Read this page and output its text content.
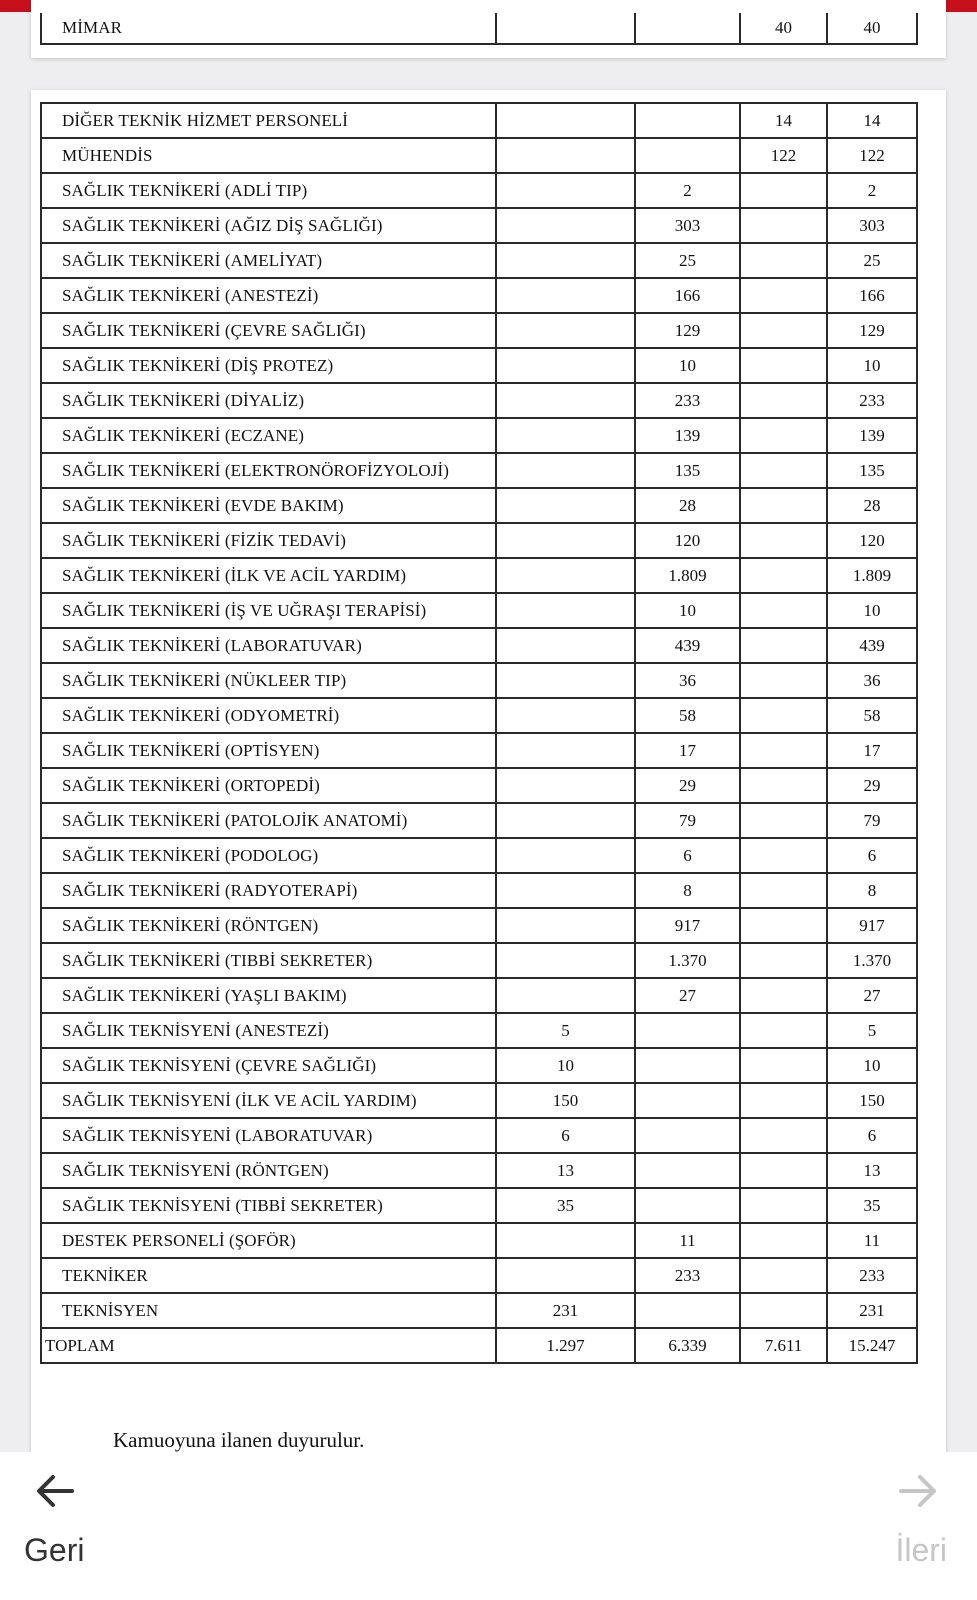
MİMAR			40	40
DİĞER TEKNİK HİZMET PERSONELİ			14	14
MÜHENDİS			122	122
SAĞLIK TEKNİKERİ (ADLİ TIP)		2		2
SAĞLIK TEKNİKERİ (AĞIZ DİŞ SAĞLIĞI)		303		303
SAĞLIK TEKNİKERİ (AMELİYAT)		25		25
SAĞLIK TEKNİKERİ (ANESTEZİ)		166		166
SAĞLIK TEKNİKERİ (ÇEVRE SAĞLIĞI)		129		129
SAĞLIK TEKNİKERİ (DİŞ PROTEZ)		10		10
SAĞLIK TEKNİKERİ (DİYALİZ)		233		233
SAĞLIK TEKNİKERİ (ECZANE)		139		139
SAĞLIK TEKNİKERİ (ELEKTRONÖROFİZYOLOJİ)		135		135
SAĞLIK TEKNİKERİ (EVDE BAKIM)		28		28
SAĞLIK TEKNİKERİ (FİZİK TEDAVİ)		120		120
SAĞLIK TEKNİKERİ (İLK VE ACİL YARDIM)		1.809		1.809
SAĞLIK TEKNİKERİ (İŞ VE UĞRAŞI TERAPİSİ)		10		10
SAĞLIK TEKNİKERİ (LABORATUVAR)		439		439
SAĞLIK TEKNİKERİ (NÜKLEER TIP)		36		36
SAĞLIK TEKNİKERİ (ODYOMETRİ)		58		58
SAĞLIK TEKNİKERİ (OPTİSYEN)		17		17
SAĞLIK TEKNİKERİ (ORTOPEDİ)		29		29
SAĞLIK TEKNİKERİ (PATOLOJİK ANATOMİ)		79		79
SAĞLIK TEKNİKERİ (PODOLOG)		6		6
SAĞLIK TEKNİKERİ (RADYOTERAPİ)		8		8
SAĞLIK TEKNİKERİ (RÖNTGEN)		917		917
SAĞLIK TEKNİKERİ (TIBBİ SEKRETER)		1.370		1.370
SAĞLIK TEKNİKERİ (YAŞLI BAKIM)		27		27
SAĞLIK TEKNİSYENİ (ANESTEZİ)	5			5
SAĞLIK TEKNİSYENİ (ÇEVRE SAĞLIĞI)	10			10
SAĞLIK TEKNİSYENİ (İLK VE ACİL YARDIM)	150			150
SAĞLIK TEKNİSYENİ (LABORATUVAR)	6			6
SAĞLIK TEKNİSYENİ (RÖNTGEN)	13			13
SAĞLIK TEKNİSYENİ (TIBBİ SEKRETER)	35			35
DESTEK PERSONELİ (ŞOFÖR)		11		11
TEKNİKER		233		233
TEKNİSYEN	231			231
TOPLAM	1.297	6.339	7.611	15.247
Kamuoyuna ilanen duyurulur.
Geri	İleri
